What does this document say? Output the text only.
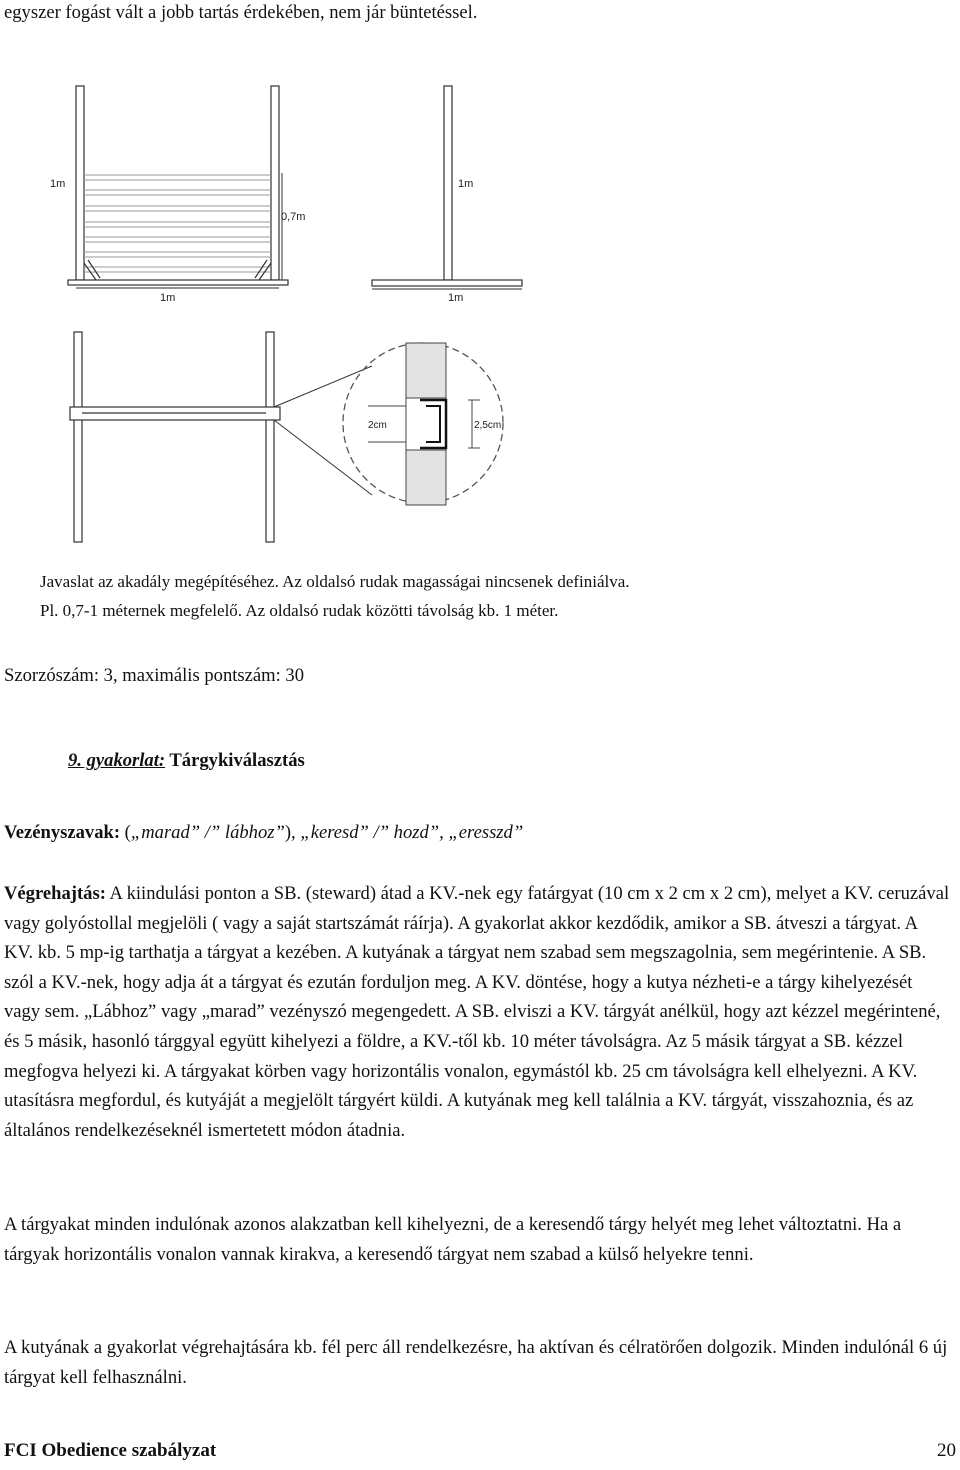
egyszer fogást vált a jobb tartás érdekében, nem jár büntetéssel.
1m
0,7m
1m
1m
1m
2cm	2,5cm
Javaslat az akadály megépítéséhez. Az oldalsó rudak magasságai nincsenek definiálva.
Pl. 0,7-1 méternek megfelelő. Az oldalsó rudak közötti távolság kb. 1 méter.
Szorzószám: 3, maximális pontszám: 30
9. gyakorlat: Tárgykiválasztás
Vezényszavak: („marad” /” lábhoz”), „keresd” /” hozd”, „eresszd”
Végrehajtás: A kiindulási ponton a SB. (steward) átad a KV.-nek egy fatárgyat (10 cm x 2 cm x 2 cm), melyet a KV. ceruzával vagy golyóstollal megjelöli ( vagy a saját startszámát ráírja). A gyakorlat akkor kezdődik, amikor a SB. átveszi a tárgyat. A KV. kb. 5 mp-ig tarthatja a tárgyat a kezében. A kutyának a tárgyat nem szabad sem megszagolnia, sem megérintenie. A SB. szól a KV.-nek, hogy adja át a tárgyat és ezután forduljon meg. A KV. döntése, hogy a kutya nézheti-e a tárgy kihelyezését vagy sem. „Lábhoz” vagy „marad” vezényszó megengedett. A SB. elviszi a KV. tárgyát anélkül, hogy azt kézzel megérintené, és 5 másik, hasonló tárggyal együtt kihelyezi a földre, a KV.-től kb. 10 méter távolságra. Az 5 másik tárgyat a SB. kézzel megfogva helyezi ki. A tárgyakat körben vagy horizontális vonalon, egymástól kb. 25 cm távolságra kell elhelyezni. A KV. utasításra megfordul, és kutyáját a megjelölt tárgyért küldi. A kutyának meg kell találnia a KV. tárgyát, visszahoznia, és az általános rendelkezéseknél ismertetett módon átadnia.
A tárgyakat minden indulónak azonos alakzatban kell kihelyezni, de a keresendő tárgy helyét meg lehet változtatni. Ha a tárgyak horizontális vonalon vannak kirakva, a keresendő tárgyat nem szabad a külső helyekre tenni.
A kutyának a gyakorlat végrehajtására kb. fél perc áll rendelkezésre, ha aktívan és célratörően dolgozik. Minden indulónál 6 új tárgyat kell felhasználni.
FCI Obedience szabályzat	20
